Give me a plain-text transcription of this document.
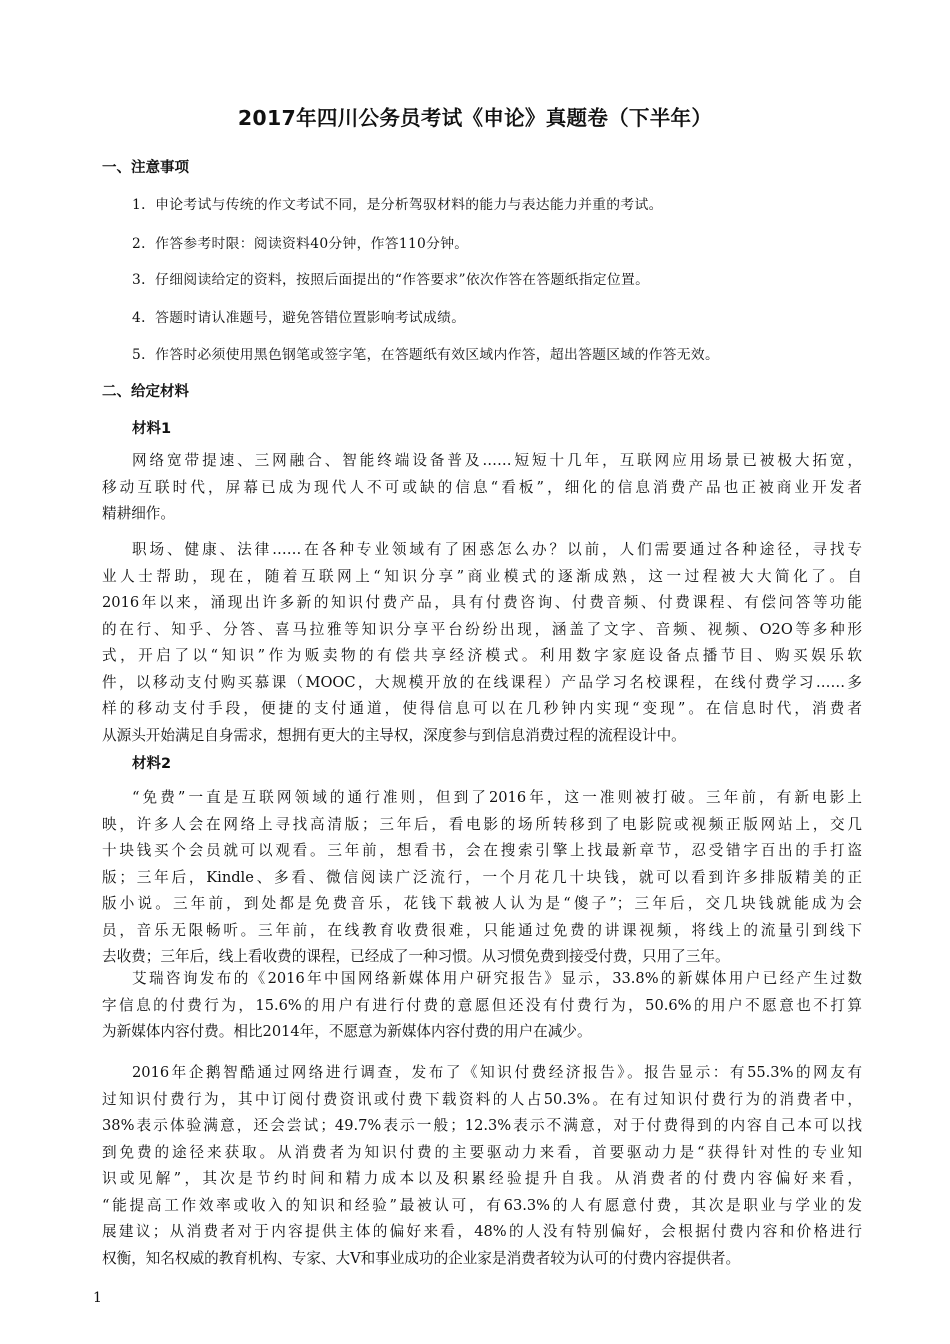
2017年四川公务员考试《申论》真题卷（下半年）
一、注意事项
1．申论考试与传统的作文考试不同，是分析驾驭材料的能力与表达能力并重的考试。
2．作答参考时限：阅读资料40分钟，作答110分钟。
3．仔细阅读给定的资料，按照后面提出的“作答要求”依次作答在答题纸指定位置。
4．答题时请认准题号，避免答错位置影响考试成绩。
5．作答时必须使用黑色钢笔或签字笔，在答题纸有效区域内作答，超出答题区域的作答无效。
二、给定材料
材料1
网络宽带提速、三网融合、智能终端设备普及……短短十几年，互联网应用场景已被极大拓宽，
移动互联时代，屏幕已成为现代人不可或缺的信息“看板”，细化的信息消费产品也正被商业开发者
精耕细作。
职场、健康、法律……在各种专业领域有了困惑怎么办？以前，人们需要通过各种途径，寻找专
业人士帮助，现在，随着互联网上“知识分享”商业模式的逐渐成熟，这一过程被大大简化了。自
2016年以来，涌现出许多新的知识付费产品，具有付费咨询、付费音频、付费课程、有偿问答等功能
的在行、知乎、分答、喜马拉雅等知识分享平台纷纷出现，涵盖了文字、音频、视频、O2O等多种形
式，开启了以“知识”作为贩卖物的有偿共享经济模式。利用数字家庭设备点播节目、购买娱乐软
件，以移动支付购买慕课（MOOC，大规模开放的在线课程）产品学习名校课程，在线付费学习……多
样的移动支付手段，便捷的支付通道，使得信息可以在几秒钟内实现“变现”。在信息时代，消费者
从源头开始满足自身需求，想拥有更大的主导权，深度参与到信息消费过程的流程设计中。
材料2
“免费”一直是互联网领域的通行准则，但到了2016年，这一准则被打破。三年前，有新电影上
映，许多人会在网络上寻找高清版；三年后，看电影的场所转移到了电影院或视频正版网站上，交几
十块钱买个会员就可以观看。三年前，想看书，会在搜索引擎上找最新章节，忍受错字百出的手打盗
版；三年后，Kindle、多看、微信阅读广泛流行，一个月花几十块钱，就可以看到许多排版精美的正
版小说。三年前，到处都是免费音乐，花钱下载被人认为是“傻子”；三年后，交几块钱就能成为会
员，音乐无限畅听。三年前，在线教育收费很难，只能通过免费的讲课视频，将线上的流量引到线下
去收费；三年后，线上看收费的课程，已经成了一种习惯。从习惯免费到接受付费，只用了三年。
艾瑞咨询发布的《2016年中国网络新媒体用户研究报告》显示，33.8%的新媒体用户已经产生过数
字信息的付费行为，15.6%的用户有进行付费的意愿但还没有付费行为，50.6%的用户不愿意也不打算
为新媒体内容付费。相比2014年，不愿意为新媒体内容付费的用户在减少。
2016年企鹅智酷通过网络进行调查，发布了《知识付费经济报告》。报告显示：有55.3%的网友有
过知识付费行为，其中订阅付费资讯或付费下载资料的人占50.3%。在有过知识付费行为的消费者中，
38%表示体验满意，还会尝试；49.7%表示一般；12.3%表示不满意，对于付费得到的内容自己本可以找
到免费的途径来获取。从消费者为知识付费的主要驱动力来看，首要驱动力是“获得针对性的专业知
识或见解”，其次是节约时间和精力成本以及积累经验提升自我。从消费者的付费内容偏好来看，
“能提高工作效率或收入的知识和经验”最被认可，有63.3%的人有愿意付费，其次是职业与学业的发
展建议；从消费者对于内容提供主体的偏好来看，48%的人没有特别偏好，会根据付费内容和价格进行
权衡，知名权威的教育机构、专家、大V和事业成功的企业家是消费者较为认可的付费内容提供者。
1
